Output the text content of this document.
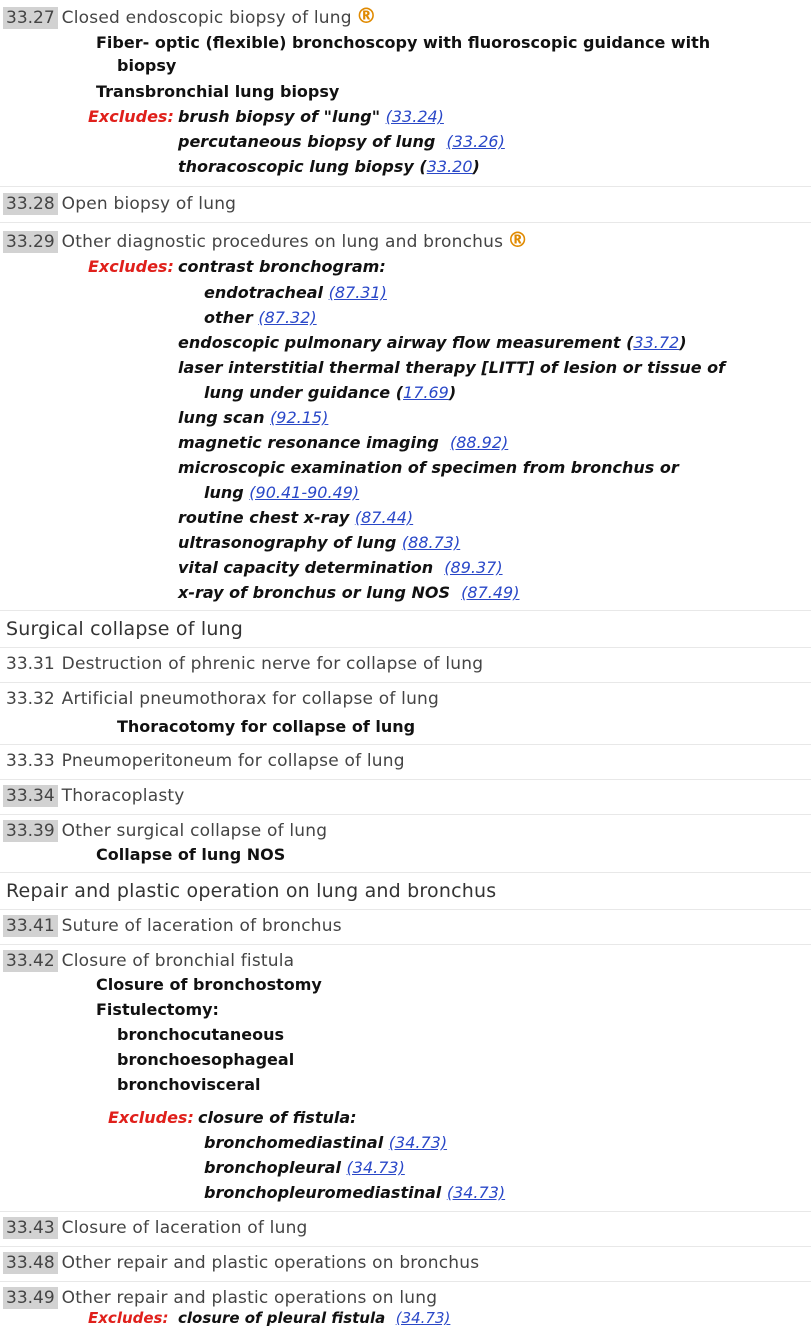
33.27 Closed endoscopic biopsy of lung ®
Fiber- optic (flexible) bronchoscopy with fluoroscopic guidance with
biopsy
Transbronchial lung biopsy
Excludes: brush biopsy of "lung" (33.24)
percutaneous biopsy of lung (33.26)
thoracoscopic lung biopsy (33.20)
33.28 Open biopsy of lung
33.29 Other diagnostic procedures on lung and bronchus ®
Excludes: contrast bronchogram:
endotracheal (87.31)
other (87.32)
endoscopic pulmonary airway flow measurement (33.72)
laser interstitial thermal therapy [LITT] of lesion or tissue of
lung under guidance (17.69)
lung scan (92.15)
magnetic resonance imaging (88.92)
microscopic examination of specimen from bronchus or
lung (90.41-90.49)
routine chest x-ray (87.44)
ultrasonography of lung (88.73)
vital capacity determination (89.37)
x-ray of bronchus or lung NOS (87.49)
Surgical collapse of lung
33.31 Destruction of phrenic nerve for collapse of lung
33.32 Artificial pneumothorax for collapse of lung
Thoracotomy for collapse of lung
33.33 Pneumoperitoneum for collapse of lung
33.34 Thoracoplasty
33.39 Other surgical collapse of lung
Collapse of lung NOS
Repair and plastic operation on lung and bronchus
33.41 Suture of laceration of bronchus
33.42 Closure of bronchial fistula
Closure of bronchostomy
Fistulectomy:
bronchocutaneous
bronchoesophageal
bronchovisceral
Excludes: closure of fistula:
bronchomediastinal (34.73)
bronchopleural (34.73)
bronchopleuromediastinal (34.73)
33.43 Closure of laceration of lung
33.48 Other repair and plastic operations on bronchus
33.49 Other repair and plastic operations on lung
Excludes: closure of pleural fistula (34.73)
